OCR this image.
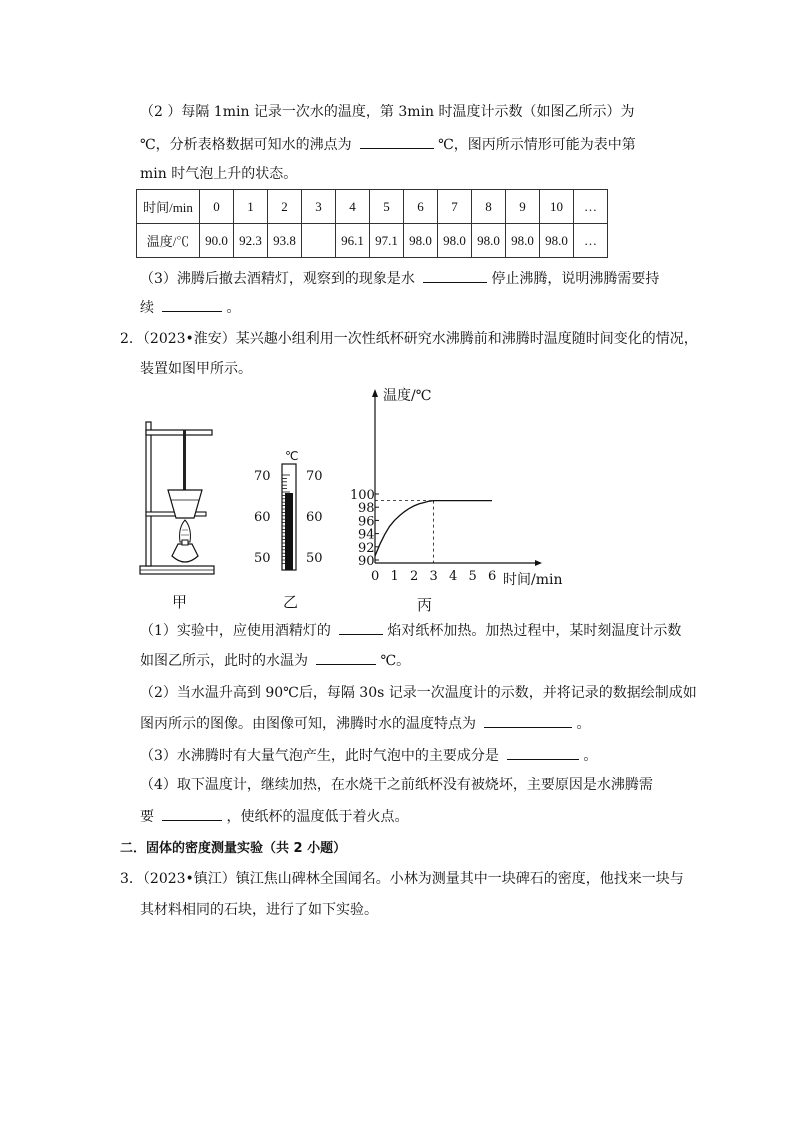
（2 ）每隔 1min 记录一次水的温度，第 3min 时温度计示数（如图乙所示）为
℃，分析表格数据可知水的沸点为	℃，图丙所示情形可能为表中第
min 时气泡上升的状态。
时间/min	0	1	2	3	4	5	6	7	8	9	10	…
温度/℃	90.0	92.3	93.8		96.1	97.1	98.0	98.0	98.0	98.0	98.0	…
（3）沸腾后撤去酒精灯，观察到的现象是水	停止沸腾，说明沸腾需要持
续	。
2．（2023•淮安）某兴趣小组利用一次性纸杯研究水沸腾前和沸腾时温度随时间变化的情况，
装置如图甲所示。
甲
℃
70
60
50
70
60
50
乙
温度/℃
时间/min
0 1 2 3 4 5 6
90
92
94
96
98
100
丙
（1）实验中，应使用酒精灯的	焰对纸杯加热。加热过程中，某时刻温度计示数
如图乙所示，此时的水温为	℃。
（2）当水温升高到 90℃后，每隔 30s 记录一次温度计的示数，并将记录的数据绘制成如
图丙所示的图像。由图像可知，沸腾时水的温度特点为	。
（3）水沸腾时有大量气泡产生，此时气泡中的主要成分是	。
（4）取下温度计，继续加热，在水烧干之前纸杯没有被烧坏，主要原因是水沸腾需
要	，使纸杯的温度低于着火点。
二．固体的密度测量实验（共 2 小题）
3．（2023•镇江）镇江焦山碑林全国闻名。小林为测量其中一块碑石的密度，他找来一块与
其材料相同的石块，进行了如下实验。
